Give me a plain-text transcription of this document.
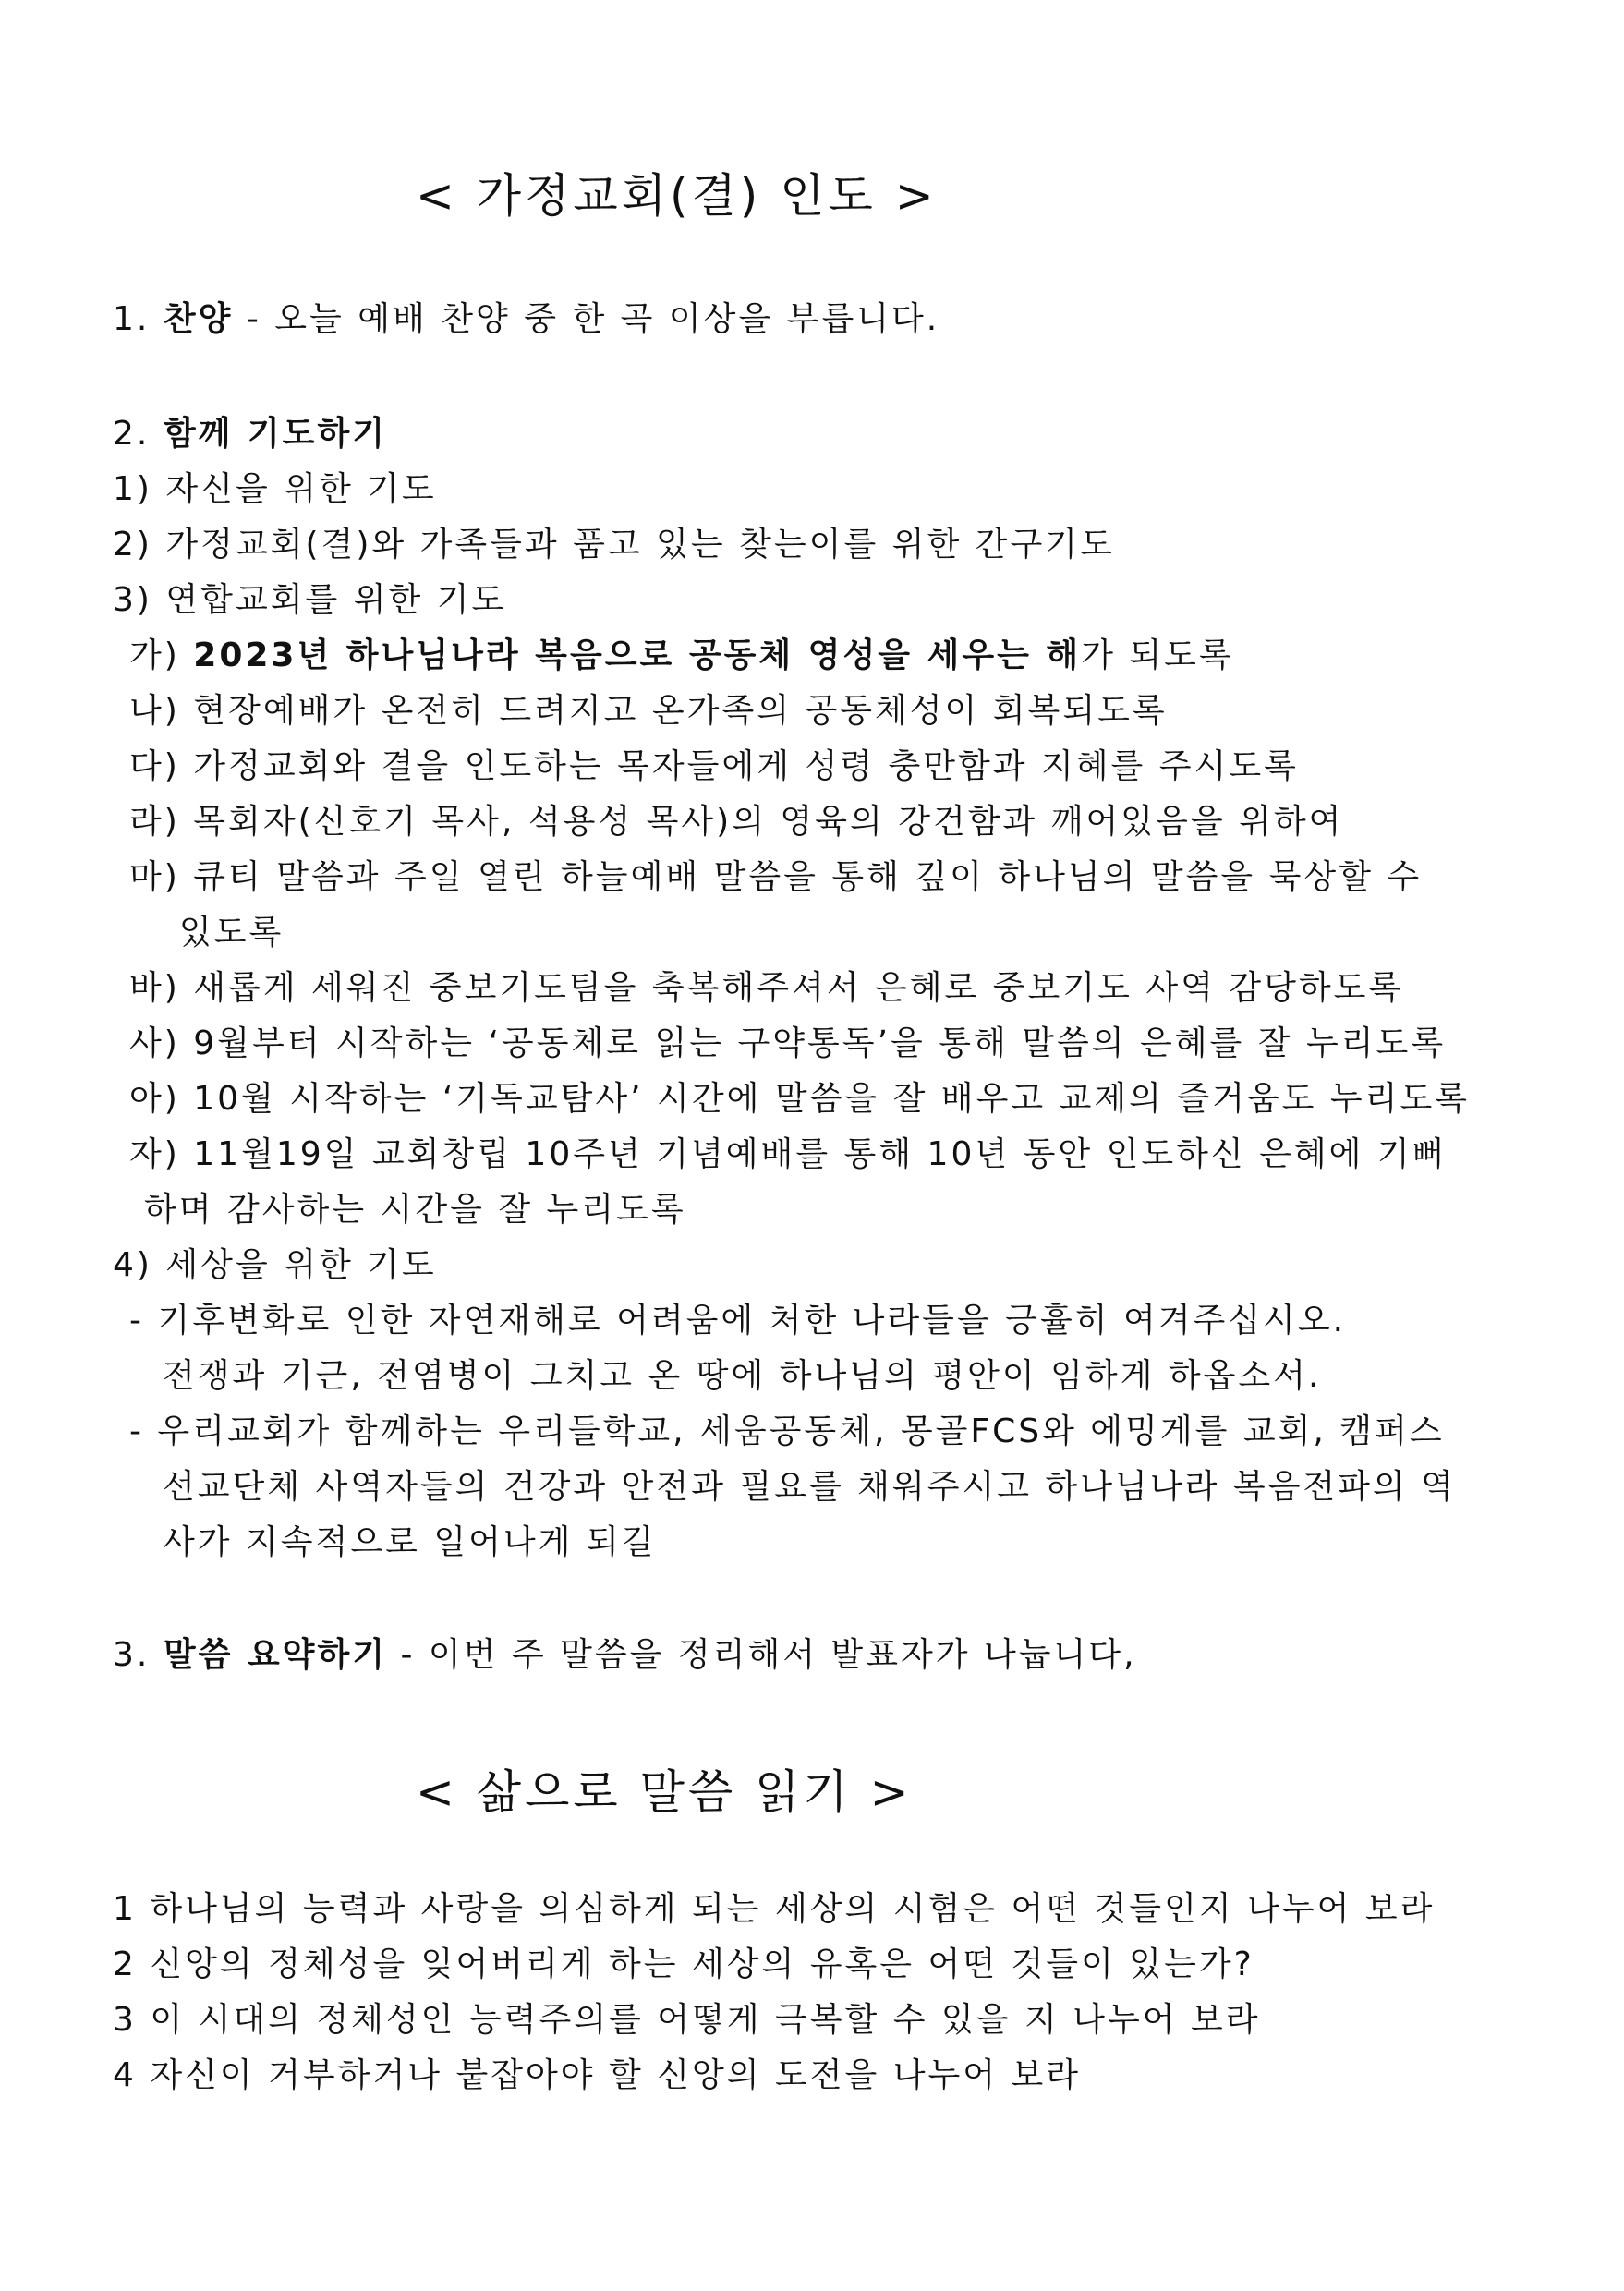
< 가정교회(결) 인도 >
1. 찬양 - 오늘 예배 찬양 중 한 곡 이상을 부릅니다.
2. 함께 기도하기
1) 자신을 위한 기도
2) 가정교회(결)와 가족들과 품고 있는 찾는이를 위한 간구기도
3) 연합교회를 위한 기도
가) 2023년 하나님나라 복음으로 공동체 영성을 세우는 해가 되도록
나) 현장예배가 온전히 드려지고 온가족의 공동체성이 회복되도록
다) 가정교회와 결을 인도하는 목자들에게 성령 충만함과 지혜를 주시도록
라) 목회자(신호기 목사, 석용성 목사)의 영육의 강건함과 깨어있음을 위하여
마) 큐티 말씀과 주일 열린 하늘예배 말씀을 통해 깊이 하나님의 말씀을 묵상할 수
있도록
바) 새롭게 세워진 중보기도팀을 축복해주셔서 은혜로 중보기도 사역 감당하도록
사) 9월부터 시작하는 ‘공동체로 읽는 구약통독’을 통해 말씀의 은혜를 잘 누리도록
아) 10월 시작하는 ‘기독교탐사’ 시간에 말씀을 잘 배우고 교제의 즐거움도 누리도록
자) 11월19일 교회창립 10주년 기념예배를 통해 10년 동안 인도하신 은혜에 기뻐
하며 감사하는 시간을 잘 누리도록
4) 세상을 위한 기도
- 기후변화로 인한 자연재해로 어려움에 처한 나라들을 긍휼히 여겨주십시오.
전쟁과 기근, 전염병이 그치고 온 땅에 하나님의 평안이 임하게 하옵소서.
- 우리교회가 함께하는 우리들학교, 세움공동체, 몽골FCS와 에밍게를 교회, 캠퍼스
선교단체 사역자들의 건강과 안전과 필요를 채워주시고 하나님나라 복음전파의 역
사가 지속적으로 일어나게 되길
3. 말씀 요약하기 - 이번 주 말씀을 정리해서 발표자가 나눕니다,
< 삶으로 말씀 읽기 >
1 하나님의 능력과 사랑을 의심하게 되는 세상의 시험은 어떤 것들인지 나누어 보라
2 신앙의 정체성을 잊어버리게 하는 세상의 유혹은 어떤 것들이 있는가?
3 이 시대의 정체성인 능력주의를 어떻게 극복할 수 있을 지 나누어 보라
4 자신이 거부하거나 붙잡아야 할 신앙의 도전을 나누어 보라
